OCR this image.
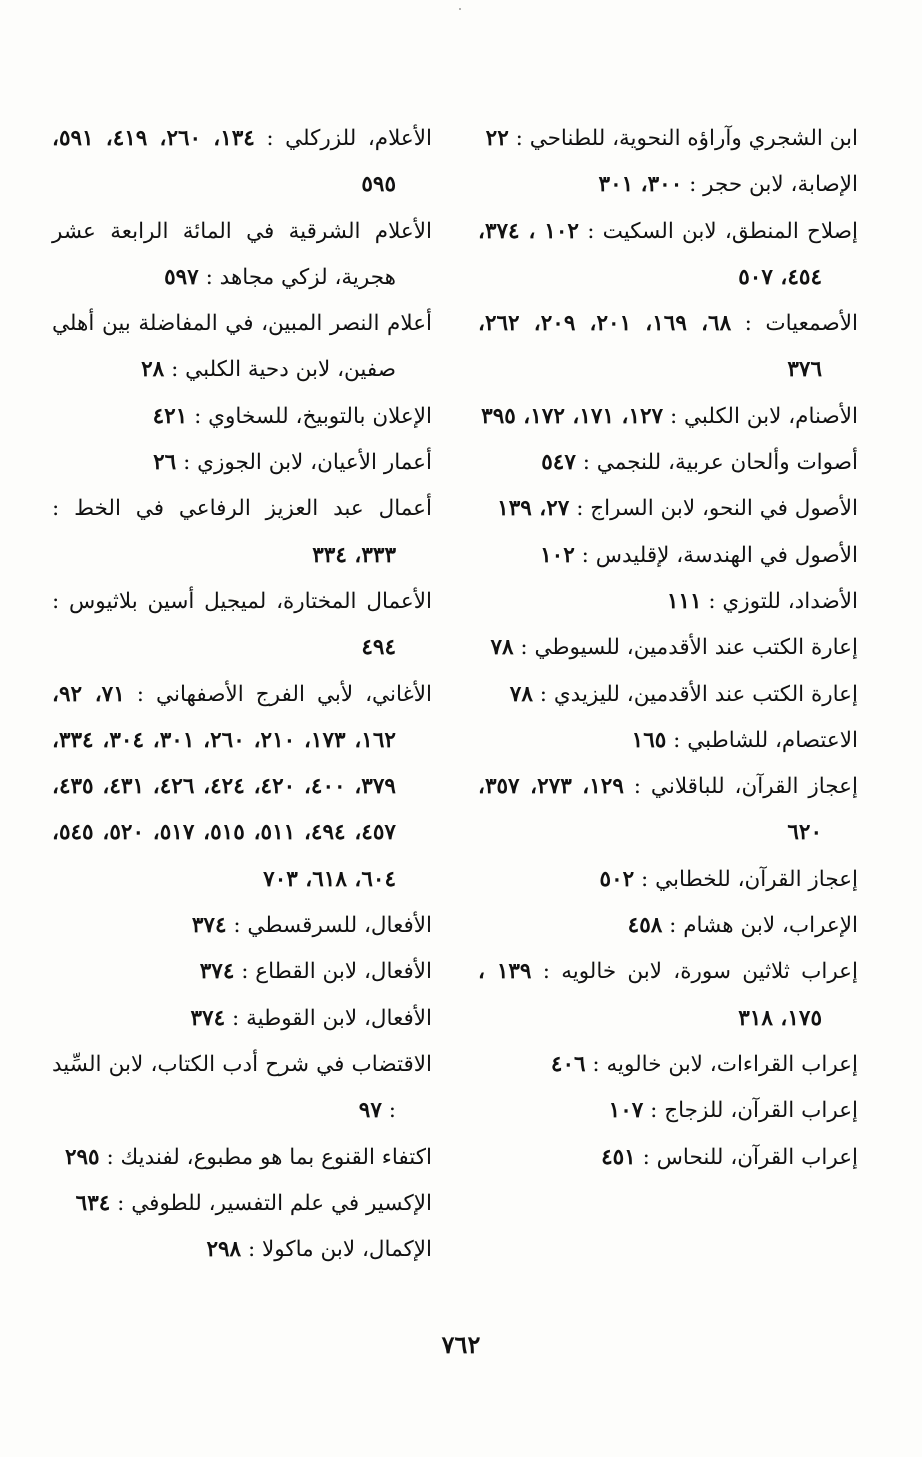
ابن الشجري وآراؤه النحوية، للطناحي : ٢٢

الإصابة، لابن حجر : ٣٠٠، ٣٠١

إصلاح المنطق، لابن السكيت : ١٠٢ ، ٣٧٤، ٤٥٤، ٥٠٧

الأصمعيات : ٦٨، ١٦٩، ٢٠١، ٢٠٩، ٢٦٢، ٣٧٦

الأصنام، لابن الكلبي : ١٢٧، ١٧١، ١٧٢، ٣٩٥

أصوات وألحان عربية، للنجمي : ٥٤٧

الأصول في النحو، لابن السراج : ٢٧، ١٣٩

الأصول في الهندسة، لإقليدس : ١٠٢

الأضداد، للتوزي : ١١١

إعارة الكتب عند الأقدمين، للسيوطي : ٧٨

إعارة الكتب عند الأقدمين، لليزيدي : ٧٨

الاعتصام، للشاطبي : ١٦٥

إعجاز القرآن، للباقلاني : ١٢٩، ٢٧٣، ٣٥٧، ٦٢٠

إعجاز القرآن، للخطابي : ٥٠٢

الإعراب، لابن هشام : ٤٥٨

إعراب ثلاثين سورة، لابن خالويه : ١٣٩ ، ١٧٥، ٣١٨

إعراب القراءات، لابن خالويه : ٤٠٦

إعراب القرآن، للزجاج : ١٠٧

إعراب القرآن، للنحاس : ٤٥١

الأعلام، للزركلي : ١٣٤، ٢٦٠، ٤١٩، ٥٩١، ٥٩٥

الأعلام الشرقية في المائة الرابعة عشر هجرية، لزكي مجاهد : ٥٩٧

أعلام النصر المبين، في المفاضلة بين أهلي صفين، لابن دحية الكلبي : ٢٨

الإعلان بالتوبيخ، للسخاوي : ٤٢١

أعمار الأعيان، لابن الجوزي : ٢٦

أعمال عبد العزيز الرفاعي في الخط : ٣٣٣، ٣٣٤

الأعمال المختارة، لميجيل أسين بلاثيوس : ٤٩٤

الأغاني، لأبي الفرج الأصفهاني : ٧١، ٩٢، ١٦٢، ١٧٣، ٢١٠، ٢٦٠، ٣٠١، ٣٠٤، ٣٣٤، ٣٧٩، ٤٠٠، ٤٢٠، ٤٢٤، ٤٢٦، ٤٣١، ٤٣٥، ٤٥٧، ٤٩٤، ٥١١، ٥١٥، ٥١٧، ٥٢٠، ٥٤٥، ٦٠٤، ٦١٨، ٧٠٣

الأفعال، للسرقسطي : ٣٧٤

الأفعال، لابن القطاع : ٣٧٤

الأفعال، لابن القوطية : ٣٧٤

الاقتضاب في شرح أدب الكتاب، لابن السِّيد : ٩٧

اكتفاء القنوع بما هو مطبوع، لفنديك : ٢٩٥

الإكسير في علم التفسير، للطوفي : ٦٣٤

الإكمال، لابن ماكولا : ٢٩٨

٧٦٢
